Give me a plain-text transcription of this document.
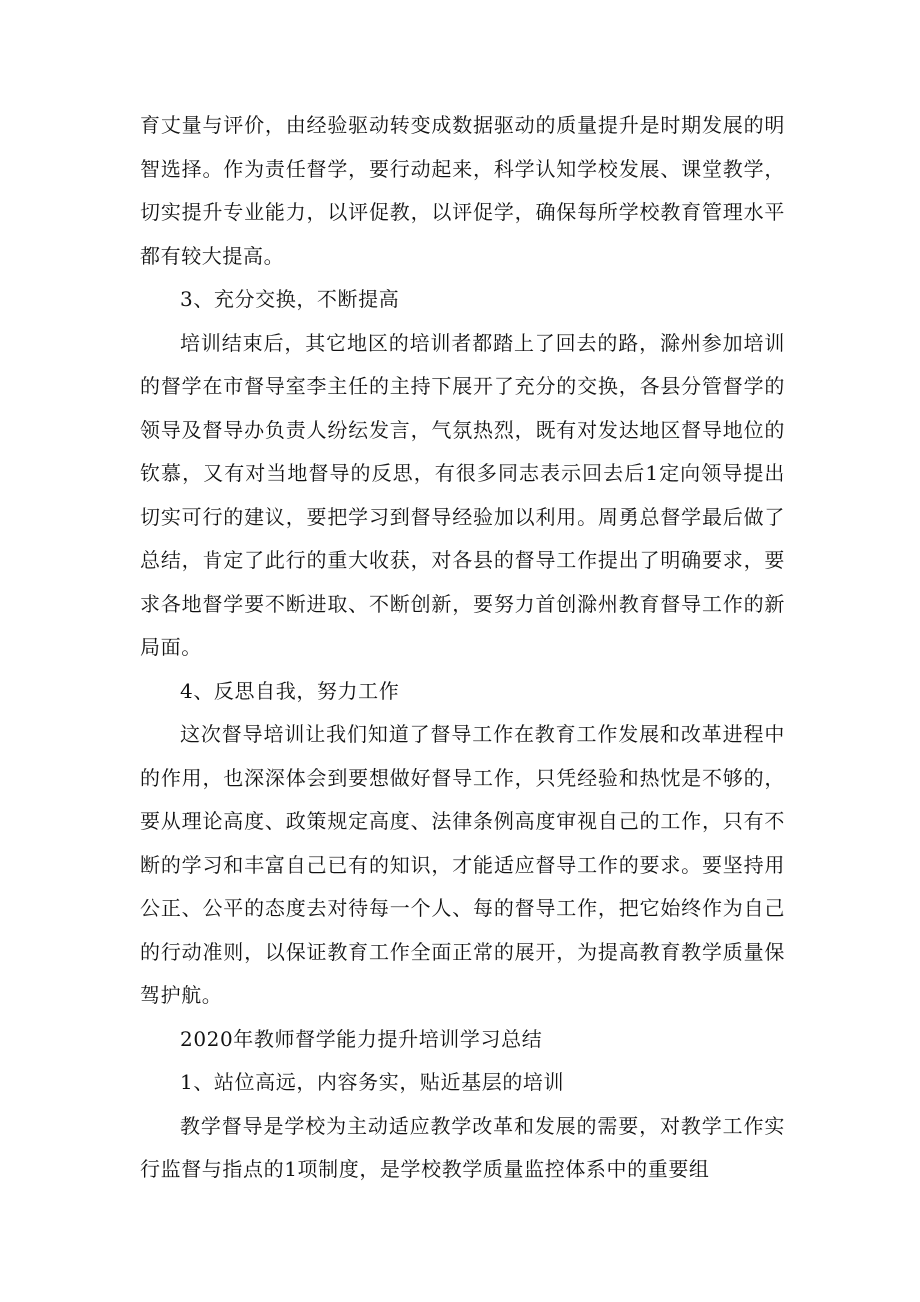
育丈量与评价，由经验驱动转变成数据驱动的质量提升是时期发展的明智选择。作为责任督学，要行动起来，科学认知学校发展、课堂教学，切实提升专业能力，以评促教，以评促学，确保每所学校教育管理水平都有较大提高。

3、充分交换，不断提高

培训结束后，其它地区的培训者都踏上了回去的路，滁州参加培训的督学在市督导室李主任的主持下展开了充分的交换，各县分管督学的领导及督导办负责人纷纭发言，气氛热烈，既有对发达地区督导地位的钦慕，又有对当地督导的反思，有很多同志表示回去后1定向领导提出切实可行的建议，要把学习到督导经验加以利用。周勇总督学最后做了总结，肯定了此行的重大收获，对各县的督导工作提出了明确要求，要求各地督学要不断进取、不断创新，要努力首创滁州教育督导工作的新局面。

4、反思自我，努力工作

这次督导培训让我们知道了督导工作在教育工作发展和改革进程中的作用，也深深体会到要想做好督导工作，只凭经验和热忱是不够的，要从理论高度、政策规定高度、法律条例高度审视自己的工作，只有不断的学习和丰富自己已有的知识，才能适应督导工作的要求。要坚持用公正、公平的态度去对待每一个人、每的督导工作，把它始终作为自己的行动准则，以保证教育工作全面正常的展开，为提高教育教学质量保驾护航。

2020年教师督学能力提升培训学习总结

1、站位高远，内容务实，贴近基层的培训

教学督导是学校为主动适应教学改革和发展的需要，对教学工作实行监督与指点的1项制度，是学校教学质量监控体系中的重要组
